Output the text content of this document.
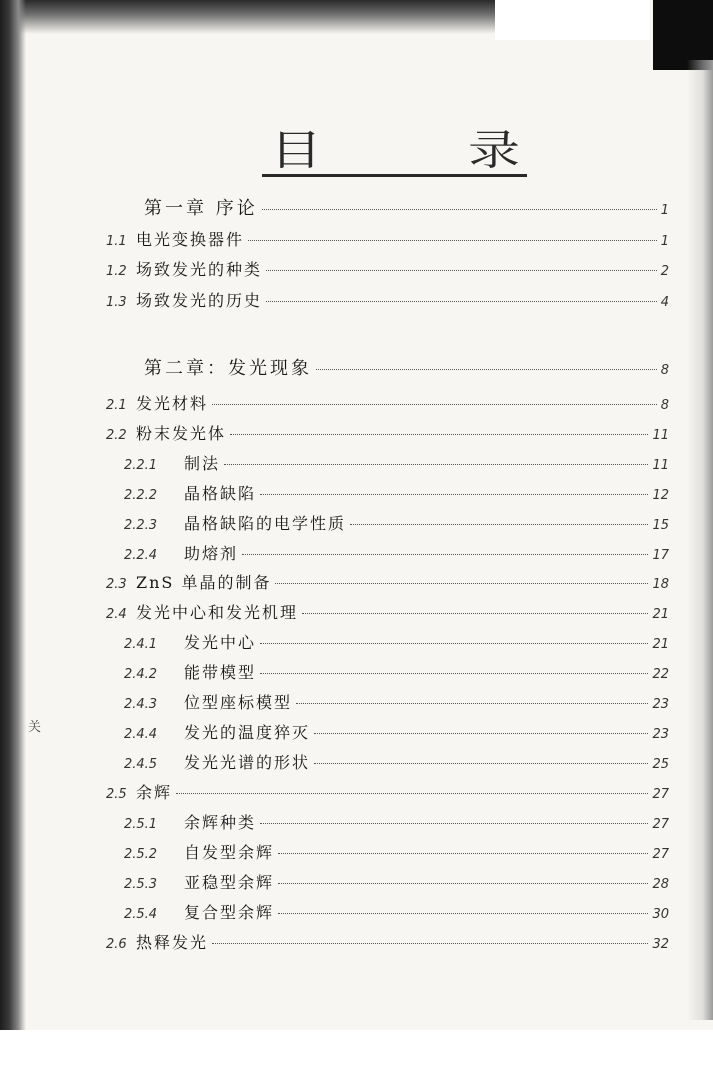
目	录
关
第一章 序论	1
1.1 电光变换器件	1
1.2 场致发光的种类	2
1.3 场致发光的历史	4
第二章：发光现象	8
2.1 发光材料	8
2.2 粉末发光体	11
2.2.1	制法	11
2.2.2	晶格缺陷	12
2.2.3	晶格缺陷的电学性质	15
2.2.4	助熔剂	17
2.3 ZnS 单晶的制备	18
2.4 发光中心和发光机理	21
2.4.1	发光中心	21
2.4.2	能带模型	22
2.4.3	位型座标模型	23
2.4.4	发光的温度猝灭	23
2.4.5	发光光谱的形状	25
2.5 余辉	27
2.5.1	余辉种类	27
2.5.2	自发型余辉	27
2.5.3	亚稳型余辉	28
2.5.4	复合型余辉	30
2.6 热释发光	32
